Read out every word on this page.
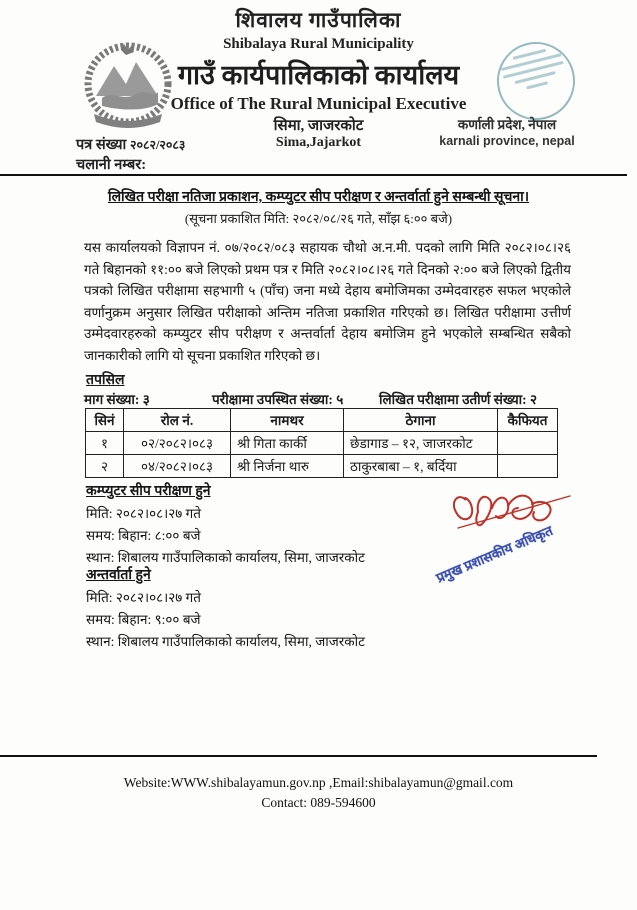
शिवालय गाउँपालिका
Shibalaya Rural Municipality
गाउँ कार्यपालिकाको कार्यालय
Office of The Rural Municipal Executive
सिमा, जाजरकोट
Sima,Jajarkot
कर्णाली प्रदेश, नेपाल
karnali province, nepal
पत्र संख्या २०८२/२०८३
चलानी नम्बर:
लिखित परीक्षा नतिजा प्रकाशन, कम्प्युटर सीप परीक्षण र अन्तर्वार्ता हुने सम्बन्धी सूचना।
(सूचना प्रकाशित मिति: २०८२/०८/२६ गते, साँझ ६:०० बजे)
यस कार्यालयको विज्ञापन नं. ०७/२०८२/०८३ सहायक चौथो अ.न.मी. पदको लागि मिति २०८२।०८।२६ गते बिहानको ११:०० बजे लिएको प्रथम पत्र र मिति २०८२।०८।२६ गते दिनको २:०० बजे लिएको द्वितीय पत्रको लिखित परीक्षामा सहभागी ५ (पाँच) जना मध्ये देहाय बमोजिमका उम्मेदवारहरु सफल भएकोले वर्णानुक्रम अनुसार लिखित परीक्षाको अन्तिम नतिजा प्रकाशित गरिएको छ। लिखित परीक्षामा उत्तीर्ण उम्मेदवारहरुको कम्प्युटर सीप परीक्षण र अन्तर्वार्ता देहाय बमोजिम हुने भएकोले सम्बन्धित सबैको जानकारीको लागि यो सूचना प्रकाशित गरिएको छ।
तपसिल
माग संख्या: ३	परीक्षामा उपस्थित संख्या: ५	लिखित परीक्षामा उतीर्ण संख्या: २
सिनं	रोल नं.	नामथर	ठेगाना	कैफियत
१	०२/२०८२।०८३	श्री गिता कार्की	छेडागाड – १२, जाजरकोट	
२	०४/२०८२।०८३	श्री निर्जना थारु	ठाकुरबाबा – १, बर्दिया	
कम्प्युटर सीप परीक्षण हुने
मिति: २०८२।०८।२७ गते
समय: बिहान: ८:०० बजे
स्थान: शिबालय गाउँपालिकाको कार्यालय, सिमा, जाजरकोट
अन्तर्वार्ता हुने
मिति: २०८२।०८।२७ गते
समय: बिहान: ९:०० बजे
स्थान: शिबालय गाउँपालिकाको कार्यालय, सिमा, जाजरकोट
प्रमुख प्रशासकीय अधिकृत
Website:WWW.shibalayamun.gov.np ,Email:shibalayamun@gmail.com
Contact: 089-594600
